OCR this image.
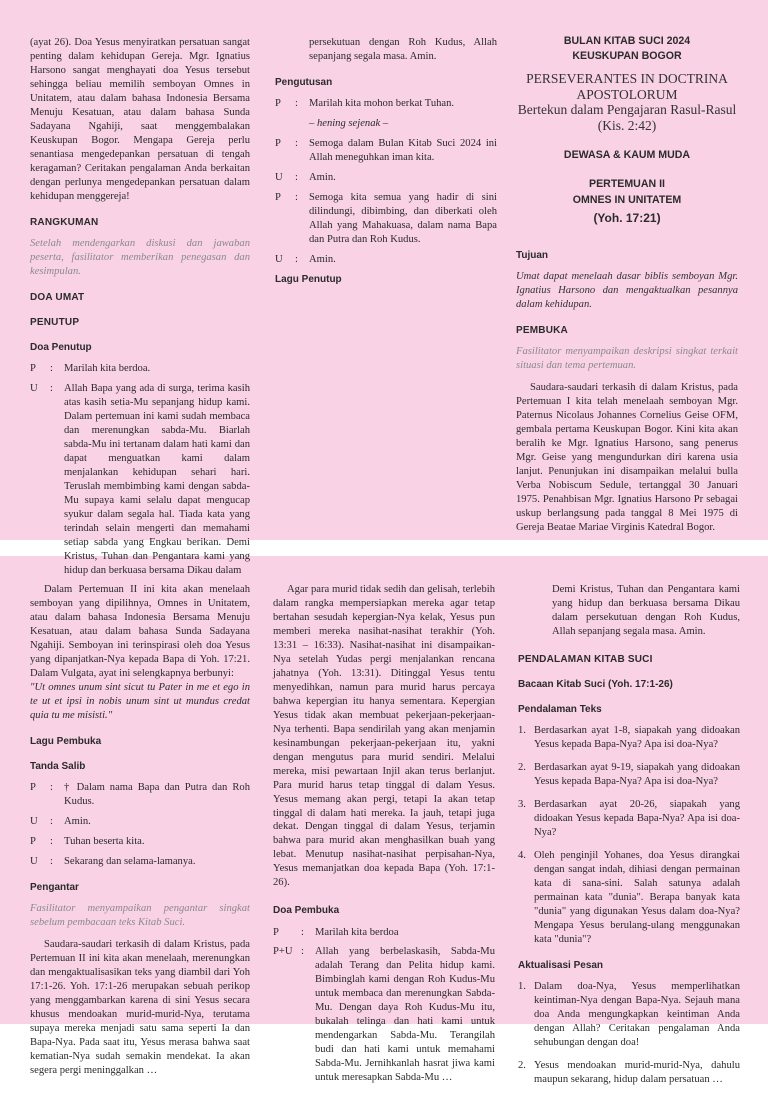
(ayat 26). Doa Yesus menyiratkan persatuan sangat penting dalam kehidupan Gereja. Mgr. Ignatius Harsono sangat menghayati doa Yesus tersebut sehingga beliau memilih semboyan Omnes in Unitatem, atau dalam bahasa Indonesia Bersama Menuju Kesatuan, atau dalam bahasa Sunda Sadayana Ngahiji, saat menggembalakan Keuskupan Bogor. Mengapa Gereja perlu senantiasa mengedepankan persatuan di tengah keragaman? Ceritakan pengalaman Anda berkaitan dengan perlunya mengedepankan persatuan dalam kehidupan menggereja!

RANGKUMAN

Setelah mendengarkan diskusi dan jawaban peserta, fasilitator memberikan penegasan dan kesimpulan.

DOA UMAT
PENUTUP
Doa Penutup
P	:	Marilah kita berdoa.
U	:	Allah Bapa yang ada di surga, terima kasih atas kasih setia-Mu sepanjang hidup kami. Dalam pertemuan ini kami sudah membaca dan merenungkan sabda-Mu. Biarlah sabda-Mu ini tertanam dalam hati kami dan dapat menguatkan kami dalam menjalankan kehidupan sehari hari. Teruslah membimbing kami dengan sabda-Mu supaya kami selalu dapat mengucap syukur dalam segala hal. Tiada kata yang terindah selain mengerti dan memahami setiap sabda yang Engkau berikan. Demi Kristus, Tuhan dan Pengantara kami yang hidup dan berkuasa bersama Dikau dalam

persekutuan dengan Roh Kudus, Allah sepanjang segala masa. Amin.

Pengutusan
P	:	Marilah kita mohon berkat Tuhan.
– hening sejenak –
P	:	Semoga dalam Bulan Kitab Suci 2024 ini Allah meneguhkan iman kita.
U	:	Amin.
P	:	Semoga kita semua yang hadir di sini dilindungi, dibimbing, dan diberkati oleh Allah yang Mahakuasa, dalam nama Bapa dan Putra dan Roh Kudus.
U	:	Amin.
Lagu Penutup
BULAN KITAB SUCI 2024
KEUSKUPAN BOGOR
PERSEVERANTES IN DOCTRINA
APOSTOLORUM
Bertekun dalam Pengajaran Rasul-Rasul
(Kis. 2:42)
DEWASA & KAUM MUDA
PERTEMUAN II
OMNES IN UNITATEM
(Yoh. 17:21)
Tujuan

Umat dapat menelaah dasar biblis semboyan Mgr. Ignatius Harsono dan mengaktualkan pesannya dalam kehidupan.

PEMBUKA

Fasilitator menyampaikan deskripsi singkat terkait situasi dan tema pertemuan.

Saudara-saudari terkasih di dalam Kristus, pada Pertemuan I kita telah menelaah semboyan Mgr. Paternus Nicolaus Johannes Cornelius Geise OFM, gembala pertama Keuskupan Bogor. Kini kita akan beralih ke Mgr. Ignatius Harsono, sang penerus Mgr. Geise yang mengundurkan diri karena usia lanjut. Penunjukan ini disampaikan melalui bulla Verba Nobiscum Sedule, tertanggal 30 Januari 1975. Penahbisan Mgr. Ignatius Harsono Pr sebagai uskup berlangsung pada tanggal 8 Mei 1975 di Gereja Beatae Mariae Virginis Katedral Bogor.

Dalam Pertemuan II ini kita akan menelaah semboyan yang dipilihnya, Omnes in Unitatem, atau dalam bahasa Indonesia Bersama Menuju Kesatuan, atau dalam bahasa Sunda Sadayana Ngahiji. Semboyan ini terinspirasi oleh doa Yesus yang dipanjatkan-Nya kepada Bapa di Yoh. 17:21. Dalam Vulgata, ayat ini selengkapnya berbunyi:

"Ut omnes unum sint sicut tu Pater in me et ego in te ut et ipsi in nobis unum sint ut mundus credat quia tu me misisti."

Lagu Pembuka
Tanda Salib
P	:	† Dalam nama Bapa dan Putra dan Roh Kudus.
U	:	Amin.
P	:	Tuhan beserta kita.
U	:	Sekarang dan selama-lamanya.
Pengantar

Fasilitator menyampaikan pengantar singkat sebelum pembacaan teks Kitab Suci.

Saudara-saudari terkasih di dalam Kristus, pada Pertemuan II ini kita akan menelaah, merenungkan dan mengaktualisasikan teks yang diambil dari Yoh 17:1-26. Yoh. 17:1-26 merupakan sebuah perikop yang menggambarkan karena di sini Yesus secara khusus mendoakan murid-murid-Nya, terutama supaya mereka menjadi satu sama seperti Ia dan Bapa-Nya. Pada saat itu, Yesus merasa bahwa saat kematian-Nya sudah semakin mendekat. Ia akan segera pergi meninggalkan …

Agar para murid tidak sedih dan gelisah, terlebih dalam rangka mempersiapkan mereka agar tetap bertahan sesudah kepergian-Nya kelak, Yesus pun memberi mereka nasihat-nasihat terakhir (Yoh. 13:31 – 16:33). Nasihat-nasihat ini disampaikan-Nya setelah Yudas pergi menjalankan rencana jahatnya (Yoh. 13:31). Ditinggal Yesus tentu menyedihkan, namun para murid harus percaya bahwa kepergian itu hanya sementara. Kepergian Yesus tidak akan membuat pekerjaan-pekerjaan-Nya terhenti. Bapa sendirilah yang akan menjamin kesinambungan pekerjaan-pekerjaan itu, yakni dengan mengutus para murid sendiri. Melalui mereka, misi pewartaan Injil akan terus berlanjut. Para murid harus tetap tinggal di dalam Yesus. Yesus memang akan pergi, tetapi Ia akan tetap tinggal di dalam hati mereka. Ia jauh, tetapi juga dekat. Dengan tinggal di dalam Yesus, terjamin bahwa para murid akan menghasilkan buah yang lebat. Menutup nasihat-nasihat perpisahan-Nya, Yesus memanjatkan doa kepada Bapa (Yoh. 17:1-26).

Doa Pembuka
P	:	Marilah kita berdoa
P+U :	Allah yang berbelaskasih, Sabda-Mu adalah Terang dan Pelita hidup kami. Bimbinglah kami dengan Roh Kudus-Mu untuk membaca dan merenungkan Sabda-Mu. Dengan daya Roh Kudus-Mu itu, bukalah telinga dan hati kami untuk mendengarkan Sabda-Mu. Terangilah budi dan hati kami untuk memahami Sabda-Mu. Jernihkanlah hasrat jiwa kami untuk meresapkan Sabda-Mu …

Demi Kristus, Tuhan dan Pengantara kami yang hidup dan berkuasa bersama Dikau dalam persekutuan dengan Roh Kudus, Allah sepanjang segala masa. Amin.

PENDALAMAN KITAB SUCI
Bacaan Kitab Suci (Yoh. 17:1-26)
Pendalaman Teks
1. Berdasarkan ayat 1-8, siapakah yang didoakan Yesus kepada Bapa-Nya? Apa isi doa-Nya?
2. Berdasarkan ayat 9-19, siapakah yang didoakan Yesus kepada Bapa-Nya? Apa isi doa-Nya?
3. Berdasarkan ayat 20-26, siapakah yang didoakan Yesus kepada Bapa-Nya? Apa isi doa-Nya?
4. Oleh penginjil Yohanes, doa Yesus dirangkai dengan sangat indah, dihiasi dengan permainan kata di sana-sini. Salah satunya adalah permainan kata "dunia". Berapa banyak kata "dunia" yang digunakan Yesus dalam doa-Nya? Mengapa Yesus berulang-ulang menggunakan kata "dunia"?
Aktualisasi Pesan
1. Dalam doa-Nya, Yesus memperlihatkan keintiman-Nya dengan Bapa-Nya. Sejauh mana doa Anda mengungkapkan keintiman Anda dengan Allah? Ceritakan pengalaman Anda sehubungan dengan doa!
2. Yesus mendoakan murid-murid-Nya, dahulu maupun sekarang, hidup dalam persatuan …
